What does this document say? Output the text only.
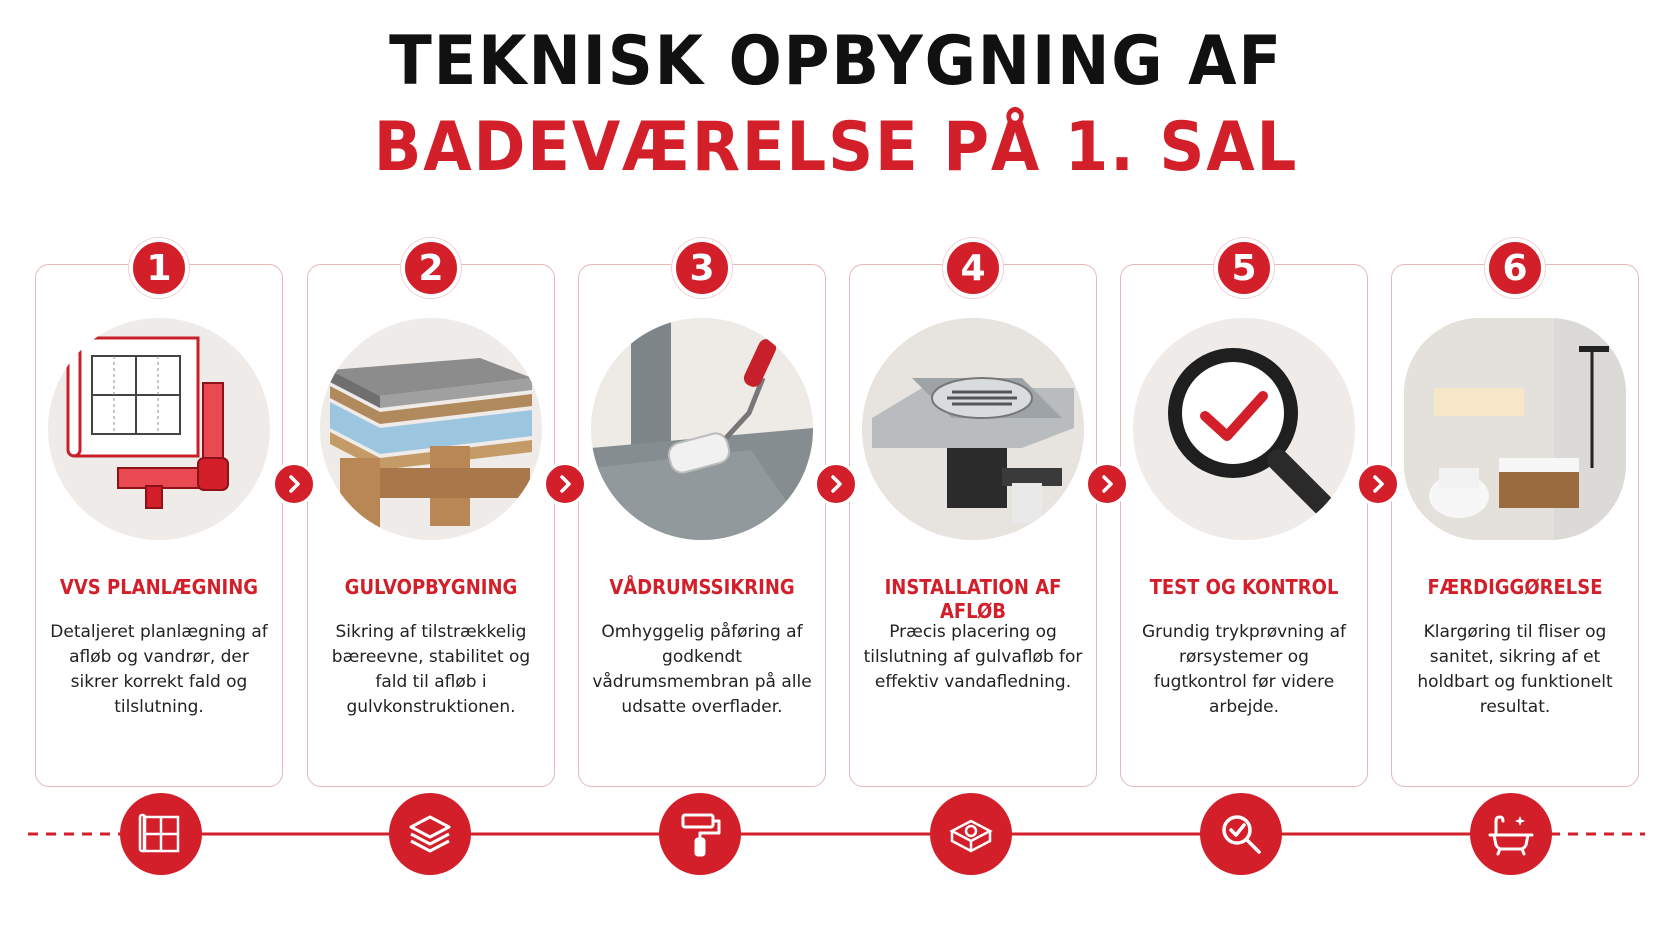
TEKNISK OPBYGNING AF
BADEVÆRELSE PÅ 1. SAL
1
VVS PLANLÆGNING
Detaljeret planlægning af afløb og vandrør, der sikrer korrekt fald og tilslutning.
2
GULVOPBYGNING
Sikring af tilstrækkelig bæreevne, stabilitet og fald til afløb i gulvkonstruktionen.
3
VÅDRUMSSIKRING
Omhyggelig påføring af godkendt vådrumsmembran på alle udsatte overflader.
4
INSTALLATION AF AFLØB
Præcis placering og tilslutning af gulvafløb for effektiv vandafledning.
5
TEST OG KONTROL
Grundig trykprøvning af rørsystemer og fugtkontrol før videre arbejde.
6
FÆRDIGGØRELSE
Klargøring til fliser og sanitet, sikring af et holdbart og funktionelt resultat.
